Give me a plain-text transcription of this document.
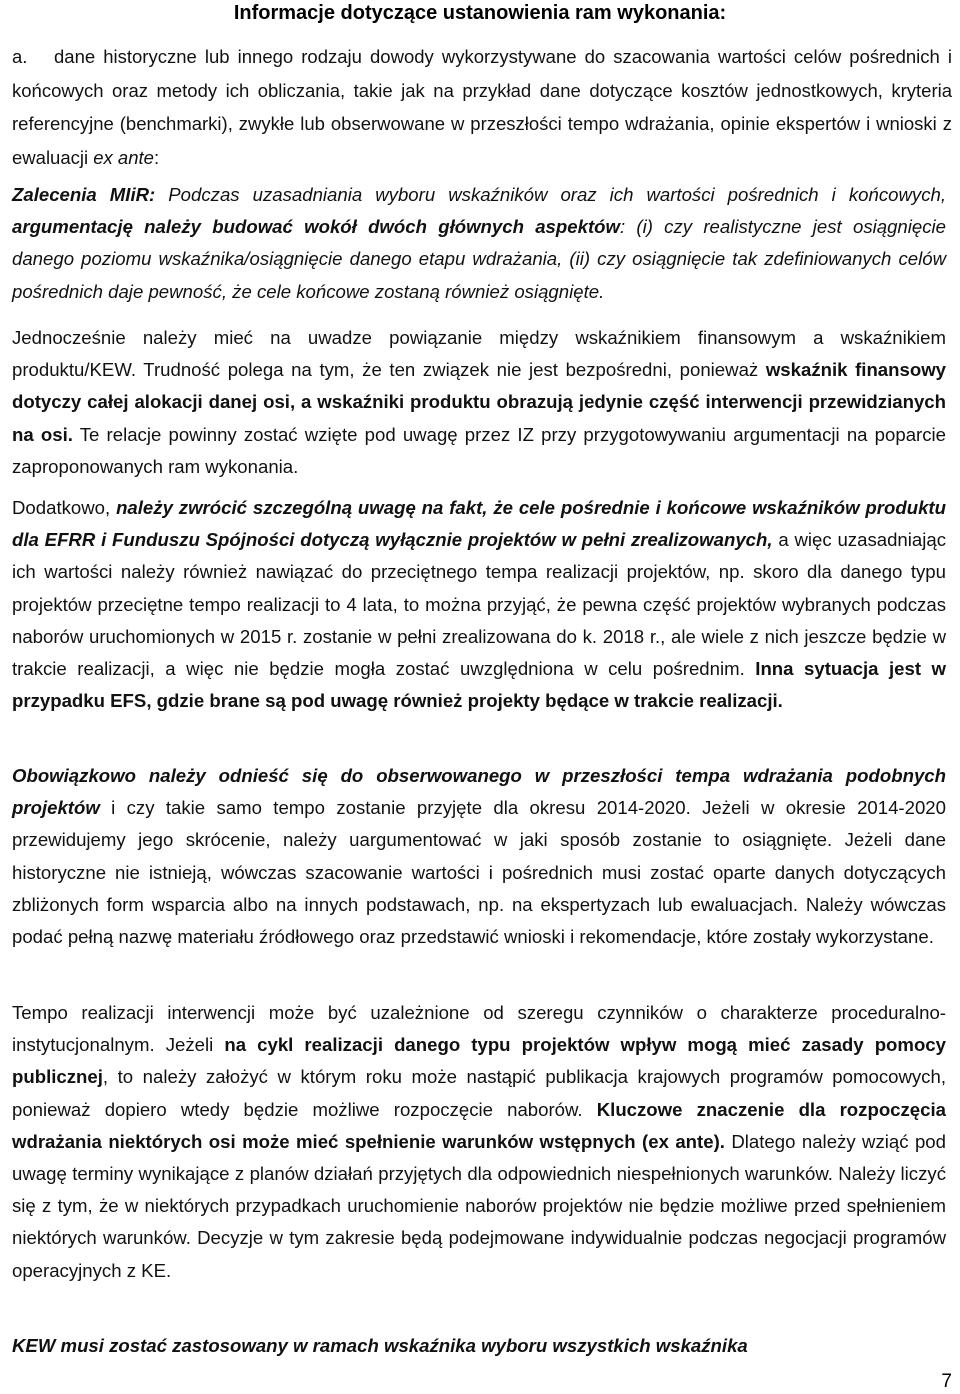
Informacje dotyczące ustanowienia ram wykonania:
a.	dane historyczne lub innego rodzaju dowody wykorzystywane do szacowania wartości celów pośrednich i końcowych oraz metody ich obliczania, takie jak na przykład dane dotyczące kosztów jednostkowych, kryteria referencyjne (benchmarki), zwykłe lub obserwowane w przeszłości tempo wdrażania, opinie ekspertów i wnioski z ewaluacji ex ante:

Zalecenia MIiR: Podczas uzasadniania wyboru wskaźników oraz ich wartości pośrednich i końcowych, argumentację należy budować wokół dwóch głównych aspektów: (i) czy realistyczne jest osiągnięcie danego poziomu wskaźnika/osiągnięcie danego etapu wdrażania, (ii) czy osiągnięcie tak zdefiniowanych celów pośrednich daje pewność, że cele końcowe zostaną również osiągnięte.

Jednocześnie należy mieć na uwadze powiązanie między wskaźnikiem finansowym a wskaźnikiem produktu/KEW. Trudność polega na tym, że ten związek nie jest bezpośredni, ponieważ wskaźnik finansowy dotyczy całej alokacji danej osi, a wskaźniki produktu obrazują jedynie część interwencji przewidzianych na osi. Te relacje powinny zostać wzięte pod uwagę przez IZ przy przygotowywaniu argumentacji na poparcie zaproponowanych ram wykonania.

Dodatkowo, należy zwrócić szczególną uwagę na fakt, że cele pośrednie i końcowe wskaźników produktu dla EFRR i Funduszu Spójności dotyczą wyłącznie projektów w pełni zrealizowanych, a więc uzasadniając ich wartości należy również nawiązać do przeciętnego tempa realizacji projektów, np. skoro dla danego typu projektów przeciętne tempo realizacji to 4 lata, to można przyjąć, że pewna część projektów wybranych podczas naborów uruchomionych w 2015 r. zostanie w pełni zrealizowana do k. 2018 r., ale wiele z nich jeszcze będzie w trakcie realizacji, a więc nie będzie mogła zostać uwzględniona w celu pośrednim. Inna sytuacja jest w przypadku EFS, gdzie brane są pod uwagę również projekty będące w trakcie realizacji.

Obowiązkowo należy odnieść się do obserwowanego w przeszłości tempa wdrażania podobnych projektów i czy takie samo tempo zostanie przyjęte dla okresu 2014-2020. Jeżeli w okresie 2014-2020 przewidujemy jego skrócenie, należy uargumentować w jaki sposób zostanie to osiągnięte. Jeżeli dane historyczne nie istnieją, wówczas szacowanie wartości i pośrednich musi zostać oparte danych dotyczących zbliżonych form wsparcia albo na innych podstawach, np. na ekspertyzach lub ewaluacjach. Należy wówczas podać pełną nazwę materiału źródłowego oraz przedstawić wnioski i rekomendacje, które zostały wykorzystane.

Tempo realizacji interwencji może być uzależnione od szeregu czynników o charakterze proceduralno-instytucjonalnym. Jeżeli na cykl realizacji danego typu projektów wpływ mogą mieć zasady pomocy publicznej, to należy założyć w którym roku może nastąpić publikacja krajowych programów pomocowych, ponieważ dopiero wtedy będzie możliwe rozpoczęcie naborów. Kluczowe znaczenie dla rozpoczęcia wdrażania niektórych osi może mieć spełnienie warunków wstępnych (ex ante). Dlatego należy wziąć pod uwagę terminy wynikające z planów działań przyjętych dla odpowiednich niespełnionych warunków. Należy liczyć się z tym, że w niektórych przypadkach uruchomienie naborów projektów nie będzie możliwe przed spełnieniem niektórych warunków. Decyzje w tym zakresie będą podejmowane indywidualnie podczas negocjacji programów operacyjnych z KE.

KEW musi zostać zastosowany w ramach wskaźnika wyboru wszystkich wskaźnika

7
